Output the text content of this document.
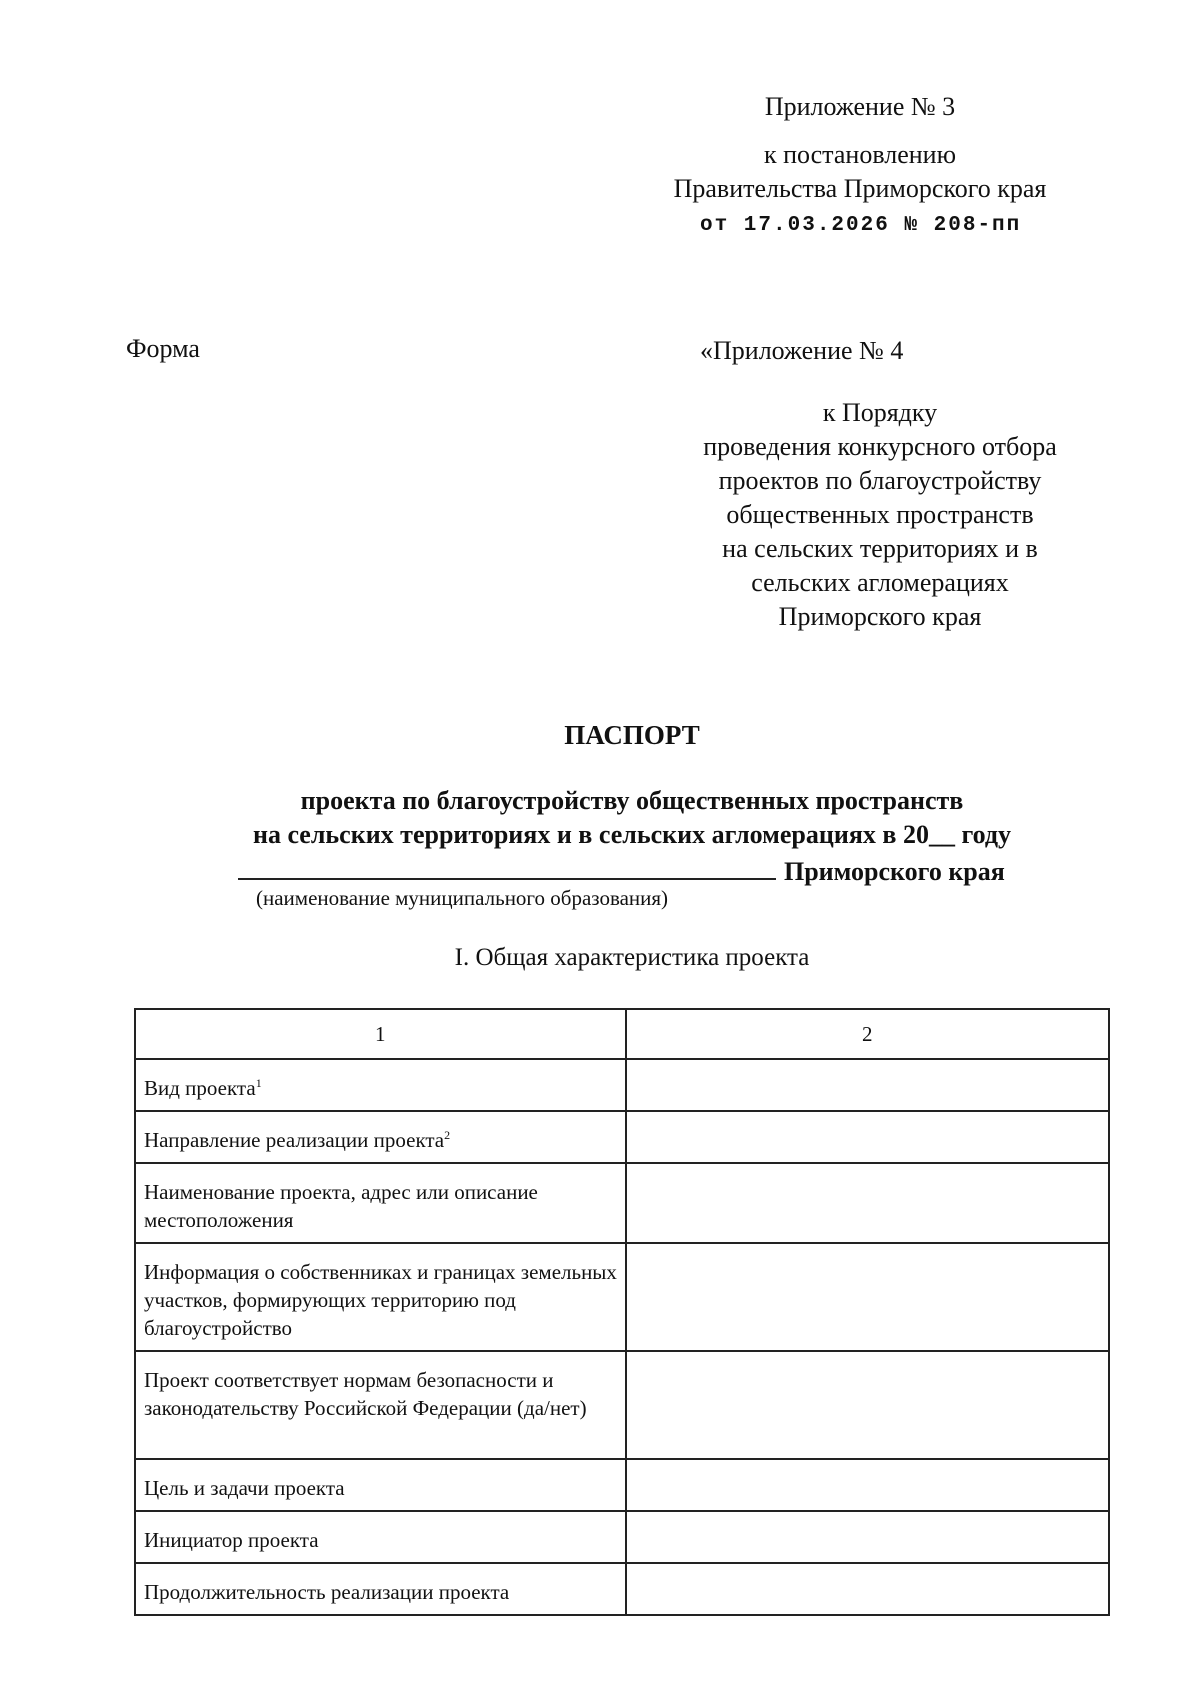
Приложение № 3
к постановлению
Правительства Приморского края
от 17.03.2026 № 208-пп
Форма	«Приложение № 4
к Порядку
проведения конкурсного отбора
проектов по благоустройству
общественных пространств
на сельских территориях и в
сельских агломерациях
Приморского края
ПАСПОРТ
проекта по благоустройству общественных пространств
на сельских территориях и в сельских агломерациях в 20__ году
Приморского края
(наименование муниципального образования)
I. Общая характеристика проекта
1	2
Вид проекта$^1$	
Направление реализации проекта$^2$	
Наименование проекта, адрес или описание местоположения	
Информация о собственниках и границах земельных участков, формирующих территорию под благоустройство	
Проект соответствует нормам безопасности и законодательству Российской Федерации (да/нет)	
Цель и задачи проекта	
Инициатор проекта	
Продолжительность реализации проекта	
